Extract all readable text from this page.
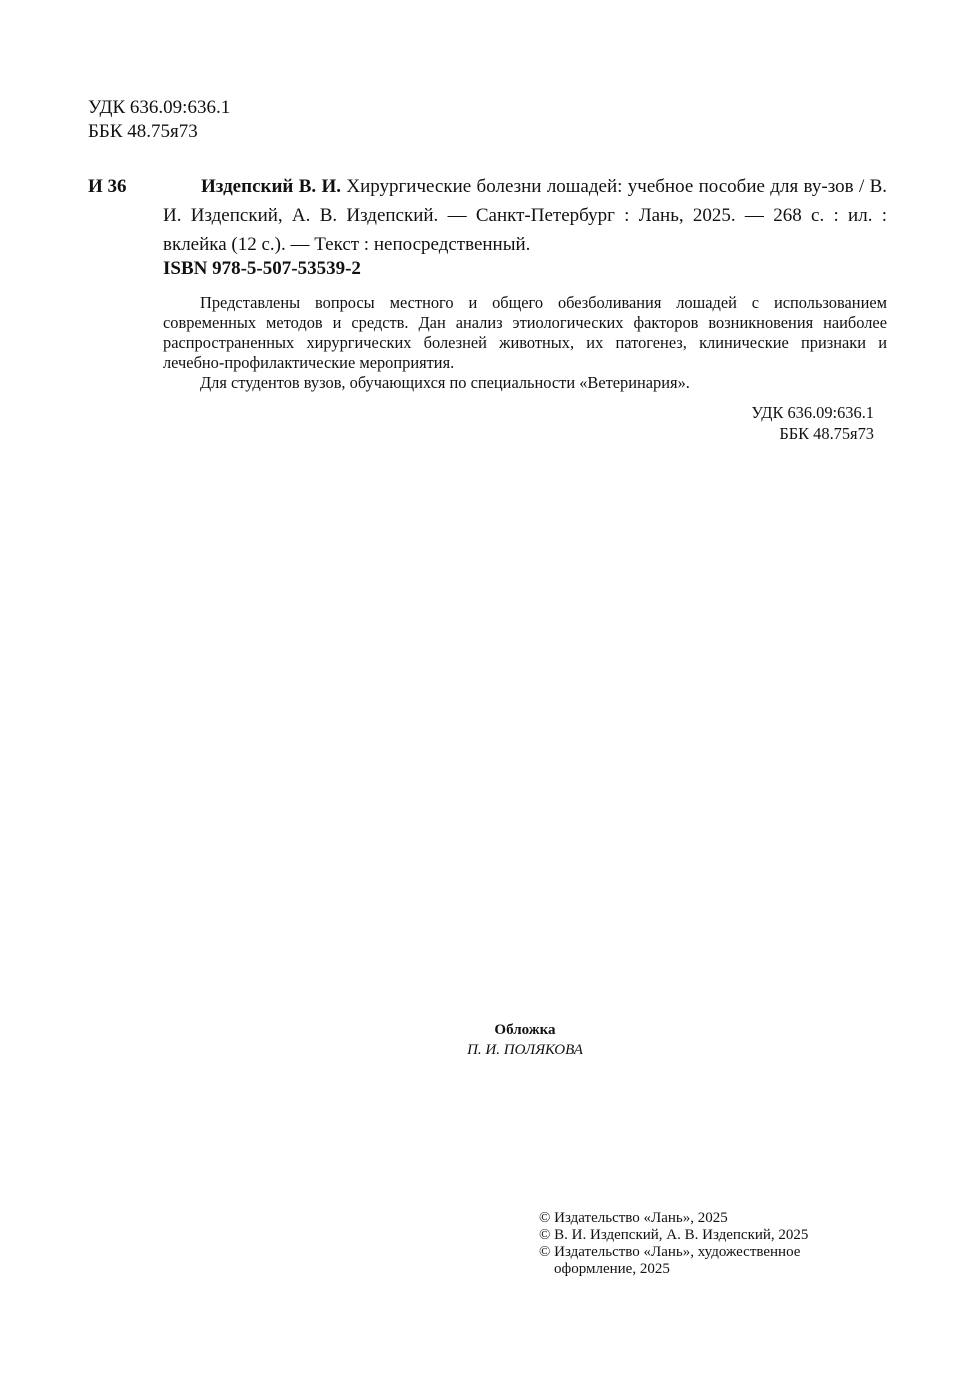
УДК 636.09:636.1
ББК 48.75я73
И 36	Издепский В. И. Хирургические болезни лошадей: учебное пособие для ву-зов / В. И. Издепский, А. В. Издепский. — Санкт-Петербург : Лань, 2025. — 268 с. : ил. : вклейка (12 с.). — Текст : непосредственный.
ISBN 978-5-507-53539-2

Представлены вопросы местного и общего обезболивания лошадей с использованием современных методов и средств. Дан анализ этиологических факторов возникновения наиболее распространенных хирургических болезней животных, их патогенез, клинические признаки и лечебно-профилактические мероприятия.

Для студентов вузов, обучающихся по специальности «Ветеринария».

УДК 636.09:636.1
ББК 48.75я73
Обложка
П. И. ПОЛЯКОВА
© Издательство «Лань», 2025
© В. И. Издепский, А. В. Издепский, 2025
© Издательство «Лань», художественное
оформление, 2025
